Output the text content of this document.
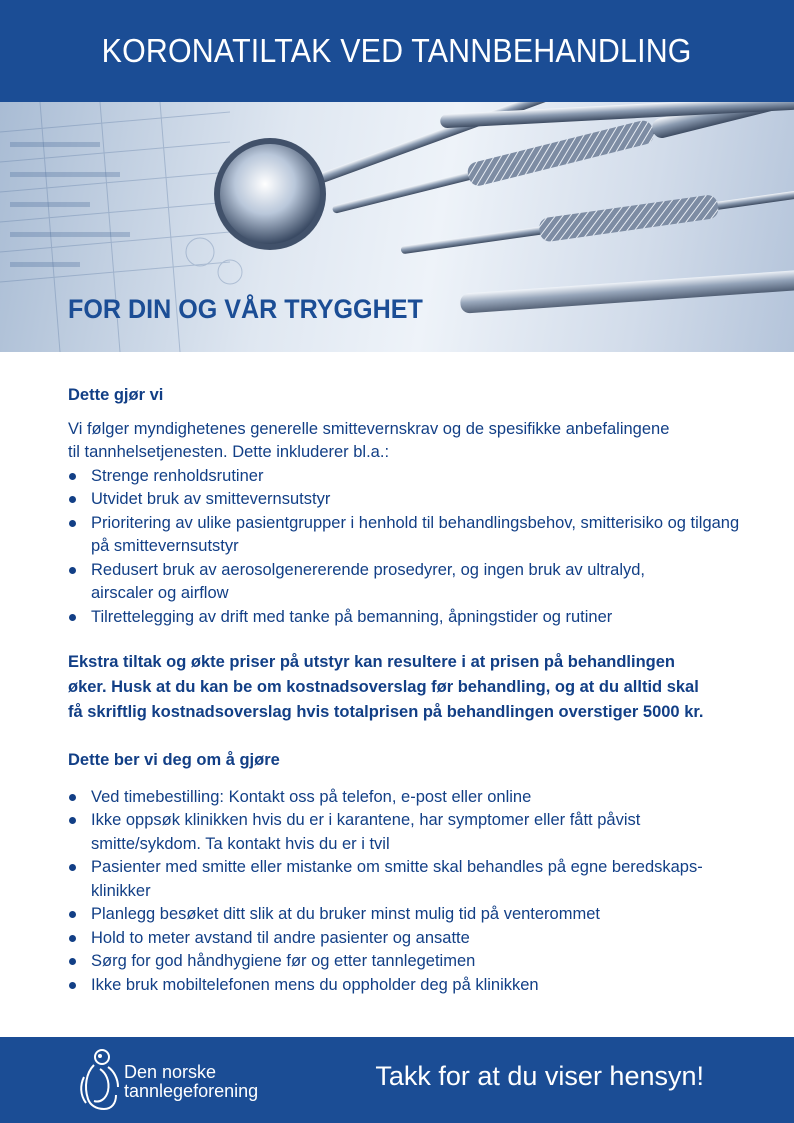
KORONATILTAK VED TANNBEHANDLING
FOR DIN OG VÅR TRYGGHET
Dette gjør vi

Vi følger myndighetenes generelle smittevernskrav og de spesifikke anbefalingene
til tannhelsetjenesten. Dette inkluderer bl.a.:

Strenge renholdsrutiner
Utvidet bruk av smittevernsutstyr
Prioritering av ulike pasientgrupper i henhold til behandlingsbehov, smitterisiko og tilgang på smittevernsutstyr
Redusert bruk av aerosolgenererende prosedyrer, og ingen bruk av ultralyd, airscaler og airflow
Tilrettelegging av drift med tanke på bemanning, åpningstider og rutiner

Ekstra tiltak og økte priser på utstyr kan resultere i at prisen på behandlingen
øker. Husk at du kan be om kostnadsoverslag før behandling, og at du alltid skal
få skriftlig kostnadsoverslag hvis totalprisen på behandlingen overstiger 5000 kr.

Dette ber vi deg om å gjøre
Ved timebestilling: Kontakt oss på telefon, e-post eller online
Ikke oppsøk klinikken hvis du er i karantene, har symptomer eller fått påvist smitte/sykdom. Ta kontakt hvis du er i tvil
Pasienter med smitte eller mistanke om smitte skal behandles på egne beredskaps-klinikker
Planlegg besøket ditt slik at du bruker minst mulig tid på venterommet
Hold to meter avstand til andre pasienter og ansatte
Sørg for god håndhygiene før og etter tannlegetimen
Ikke bruk mobiltelefonen mens du oppholder deg på klinikken
Den norske
tannlegeforening	Takk for at du viser hensyn!
